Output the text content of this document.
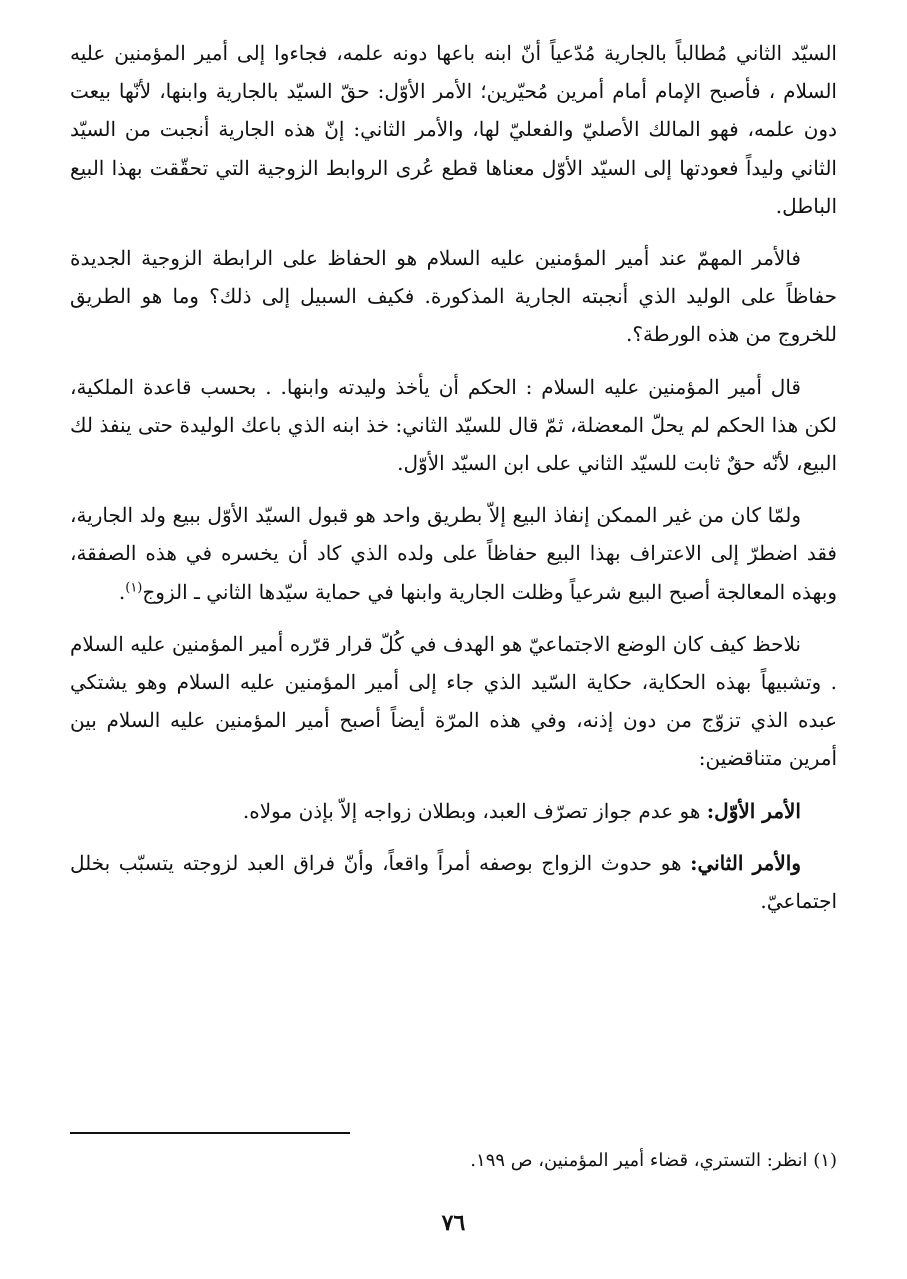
السيّد الثاني مُطالباً بالجارية مُدّعياً أنّ ابنه باعها دونه علمه، فجاءوا إلى أمير المؤمنين عليه السلام ، فأصبح الإمام أمام أمرين مُحيّرين؛ الأمر الأوّل: حقّ السيّد بالجارية وابنها، لأنّها بيعت دون علمه، فهو المالك الأصليّ والفعليّ لها، والأمر الثاني: إنّ هذه الجارية أنجبت من السيّد الثاني وليداً فعودتها إلى السيّد الأوّل معناها قطع عُرى الروابط الزوجية التي تحقّقت بهذا البيع الباطل.

فالأمر المهمّ عند أمير المؤمنين عليه السلام هو الحفاظ على الرابطة الزوجية الجديدة حفاظاً على الوليد الذي أنجبته الجارية المذكورة. فكيف السبيل إلى ذلك؟ وما هو الطريق للخروج من هذه الورطة؟.

قال أمير المؤمنين عليه السلام : الحكم أن يأخذ وليدته وابنها. . بحسب قاعدة الملكية، لكن هذا الحكم لم يحلّ المعضلة، ثمّ قال للسيّد الثاني: خذ ابنه الذي باعك الوليدة حتى ينفذ لك البيع، لأنّه حقٌ ثابت للسيّد الثاني على ابن السيّد الأوّل.

ولمّا كان من غير الممكن إنفاذ البيع إلاّ بطريق واحد هو قبول السيّد الأوّل ببيع ولد الجارية، فقد اضطرّ إلى الاعتراف بهذا البيع حفاظاً على ولده الذي كاد أن يخسره في هذه الصفقة، وبهذه المعالجة أصبح البيع شرعياً وظلت الجارية وابنها في حماية سيّدها الثاني ـ الزوج$^{(١)}$.

نلاحظ كيف كان الوضع الاجتماعيّ هو الهدف في كُلّ قرار قرّره أمير المؤمنين عليه السلام . وتشبيهاً بهذه الحكاية، حكاية السّيد الذي جاء إلى أمير المؤمنين عليه السلام وهو يشتكي عبده الذي تزوّج من دون إذنه، وفي هذه المرّة أيضاً أصبح أمير المؤمنين عليه السلام بين أمرين متناقضين:

الأمر الأوّل: هو عدم جواز تصرّف العبد، وبطلان زواجه إلاّ بإذن مولاه.

والأمر الثاني: هو حدوث الزواج بوصفه أمراً واقعاً، وأنّ فراق العبد لزوجته يتسبّب بخلل اجتماعيّ.

(١) انظر: التستري، قضاء أمير المؤمنين، ص ١٩٩.

٧٦
